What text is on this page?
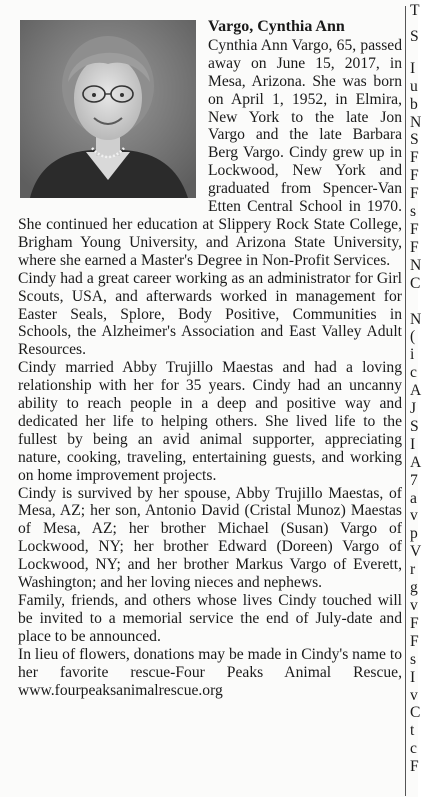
Vargo, Cynthia Ann

Cynthia Ann Vargo, 65, passed away on June 15, 2017, in Mesa, Arizona. She was born on April 1, 1952, in Elmira, New York to the late Jon Vargo and the late Barbara Berg Vargo. Cindy grew up in Lockwood, New York and graduated from Spencer-Van Etten Central School in 1970. She continued her education at Slippery Rock State College, Brigham Young University, and Arizona State University, where she earned a Master's Degree in Non-Profit Services.

Cindy had a great career working as an administrator for Girl Scouts, USA, and afterwards worked in management for Easter Seals, Splore, Body Positive, Communities in Schools, the Alzheimer's Association and East Valley Adult Resources.

Cindy married Abby Trujillo Maestas and had a loving relationship with her for 35 years. Cindy had an uncanny ability to reach people in a deep and positive way and dedicated her life to helping others. She lived life to the fullest by being an avid animal supporter, appreciating nature, cooking, traveling, entertaining guests, and working on home improvement projects.

Cindy is survived by her spouse, Abby Trujillo Maestas, of Mesa, AZ; her son, Antonio David (Cristal Munoz) Maestas of Mesa, AZ; her brother Michael (Susan) Vargo of Lockwood, NY; her brother Edward (Doreen) Vargo of Lockwood, NY; and her brother Markus Vargo of Everett, Washington; and her loving nieces and nephews.

Family, friends, and others whose lives Cindy touched will be invited to a memorial service the end of July-date and place to be announced.

In lieu of flowers, donations may be made in Cindy's name to her favorite rescue-Four Peaks Animal Rescue, www.fourpeaksanimalrescue.org

T
S
I
u
b
N
S
F
F
F
s
F
F
N
C

N
(
i
c
A
J
S
I
A
7
a
v
p
V
r
g
v
F
F
s
I
v
C
t
c
F
